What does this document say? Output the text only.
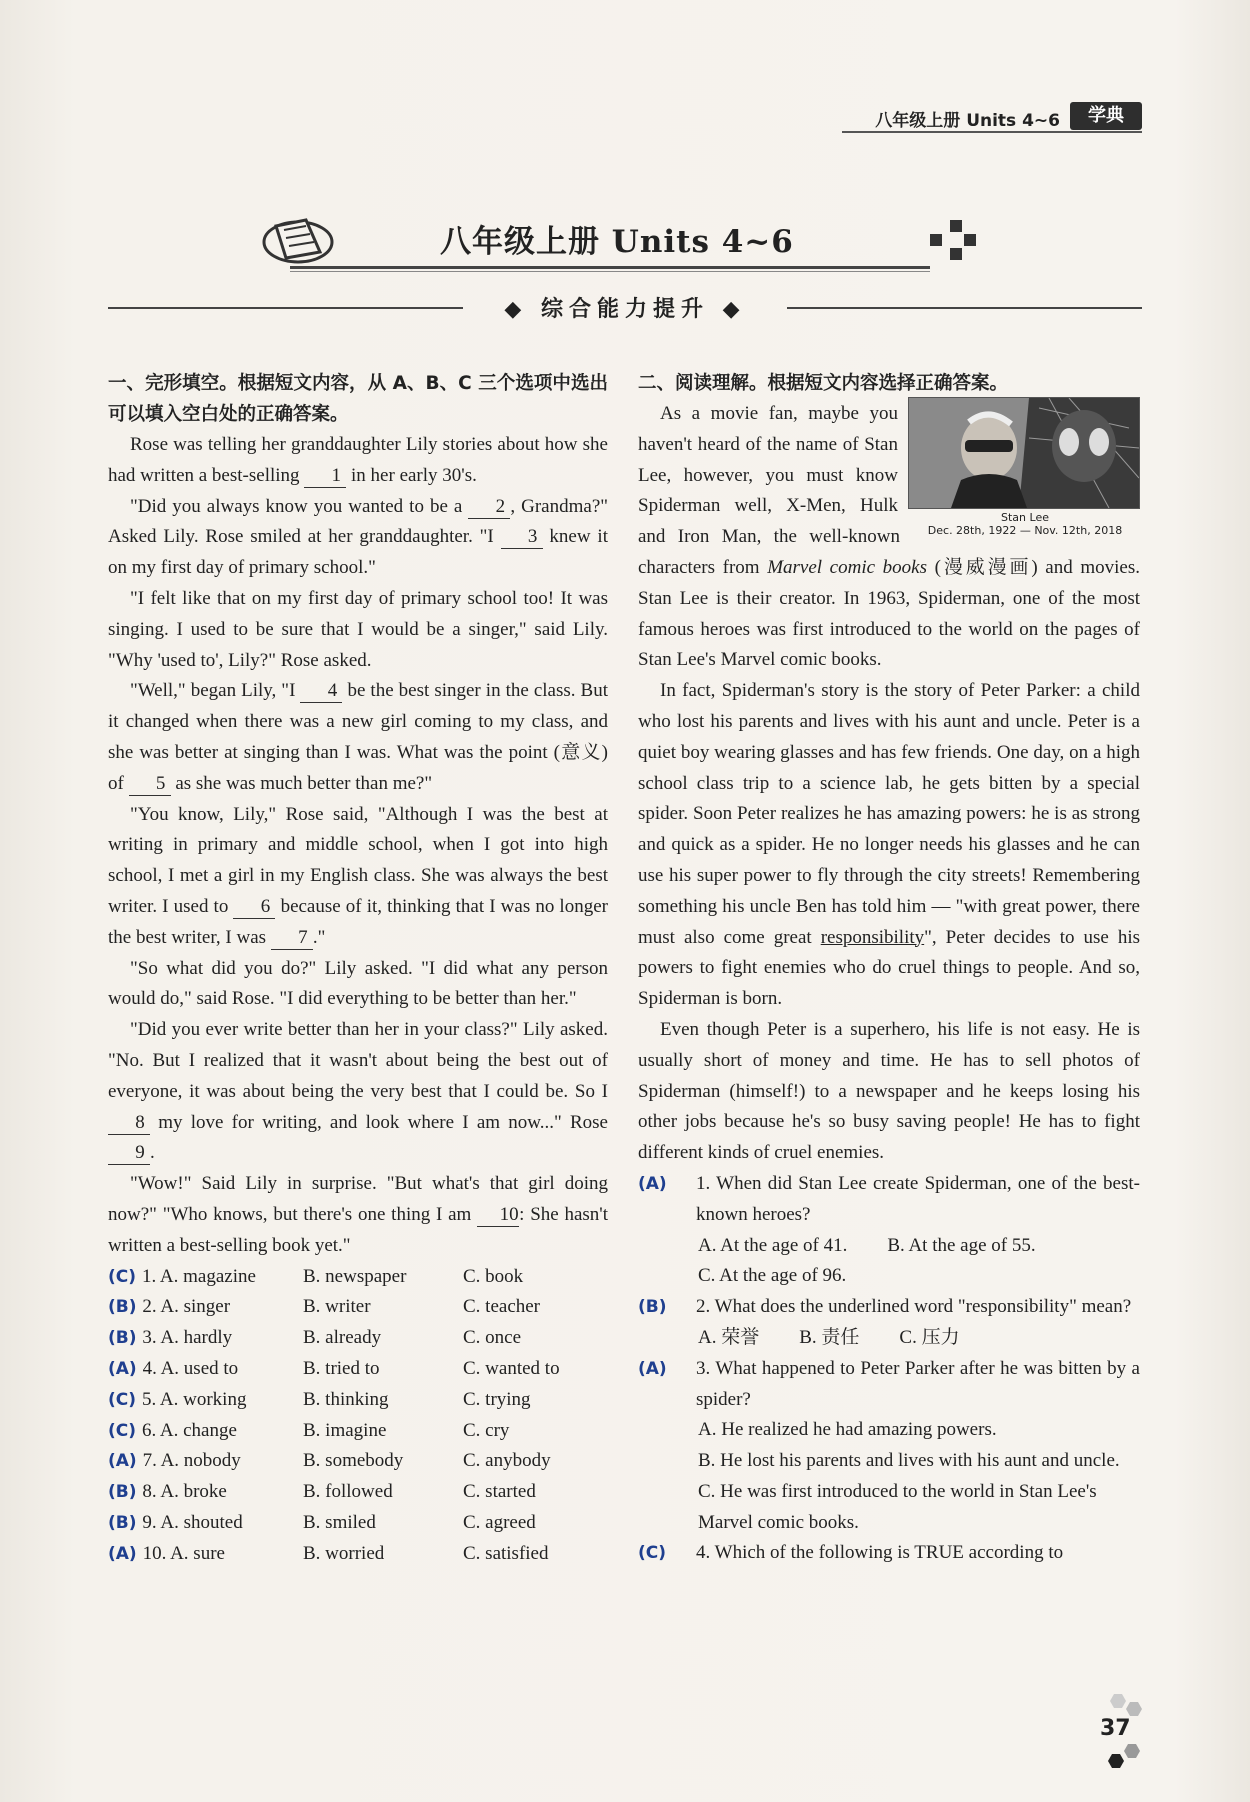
八年级上册 Units 4~6	学典
八年级上册 Units 4~6
◆ 综合能力提升 ◆

一、完形填空。根据短文内容，从 A、B、C 三个选项中选出可以填入空白处的正确答案。

Rose was telling her granddaughter Lily stories about how she had written a best-selling 1 in her early 30's.

"Did you always know you wanted to be a 2 , Grandma?" Asked Lily. Rose smiled at her granddaughter. "I 3 knew it on my first day of primary school."

"I felt like that on my first day of primary school too! It was singing. I used to be sure that I would be a singer," said Lily. "Why 'used to', Lily?" Rose asked.

"Well," began Lily, "I 4 be the best singer in the class. But it changed when there was a new girl coming to my class, and she was better at singing than I was. What was the point (意义) of 5 as she was much better than me?"

"You know, Lily," Rose said, "Although I was the best at writing in primary and middle school, when I got into high school, I met a girl in my English class. She was always the best writer. I used to 6 because of it, thinking that I was no longer the best writer, I was 7 ."

"So what did you do?" Lily asked. "I did what any person would do," said Rose. "I did everything to be better than her."

"Did you ever write better than her in your class?" Lily asked. "No. But I realized that it wasn't about being the best out of everyone, it was about being the very best that I could be. So I 8 my love for writing, and look where I am now..." Rose 9 .

"Wow!" Said Lily in surprise. "But what's that girl doing now?" "Who knows, but there's one thing I am 10: She hasn't written a best-selling book yet."

(C) 1. A. magazine	B. newspaper	C. book
(B) 2. A. singer	B. writer	C. teacher
(B) 3. A. hardly	B. already	C. once
(A) 4. A. used to	B. tried to	C. wanted to
(C) 5. A. working	B. thinking	C. trying
(C) 6. A. change	B. imagine	C. cry
(A) 7. A. nobody	B. somebody	C. anybody
(B) 8. A. broke	B. followed	C. started
(B) 9. A. shouted	B. smiled	C. agreed
(A) 10. A. sure	B. worried	C. satisfied

二、阅读理解。根据短文内容选择正确答案。

Stan Lee
Dec. 28th, 1922 — Nov. 12th, 2018

As a movie fan, maybe you haven't heard of the name of Stan Lee, however, you must know Spiderman well, X-Men, Hulk and Iron Man, the well-known characters from Marvel comic books (漫威漫画) and movies. Stan Lee is their creator. In 1963, Spiderman, one of the most famous heroes was first introduced to the world on the pages of Stan Lee's Marvel comic books.

In fact, Spiderman's story is the story of Peter Parker: a child who lost his parents and lives with his aunt and uncle. Peter is a quiet boy wearing glasses and has few friends. One day, on a high school class trip to a science lab, he gets bitten by a special spider. Soon Peter realizes he has amazing powers: he is as strong and quick as a spider. He no longer needs his glasses and he can use his super power to fly through the city streets! Remembering something his uncle Ben has told him — "with great power, there must also come great responsibility", Peter decides to use his powers to fight enemies who do cruel things to people. And so, Spiderman is born.

Even though Peter is a superhero, his life is not easy. He is usually short of money and time. He has to sell photos of Spiderman (himself!) to a newspaper and he keeps losing his other jobs because he's so busy saving people! He has to fight different kinds of cruel enemies.

(A)	1. When did Stan Lee create Spiderman, one of the best-known heroes?
A. At the age of 41. B. At the age of 55.
C. At the age of 96.
(B)	2. What does the underlined word "responsibility" mean?
A. 荣誉 B. 责任 C. 压力
(A)	3. What happened to Peter Parker after he was bitten by a spider?
A. He realized he had amazing powers.
B. He lost his parents and lives with his aunt and uncle.
C. He was first introduced to the world in Stan Lee's Marvel comic books.
(C)	4. Which of the following is TRUE according to
37
